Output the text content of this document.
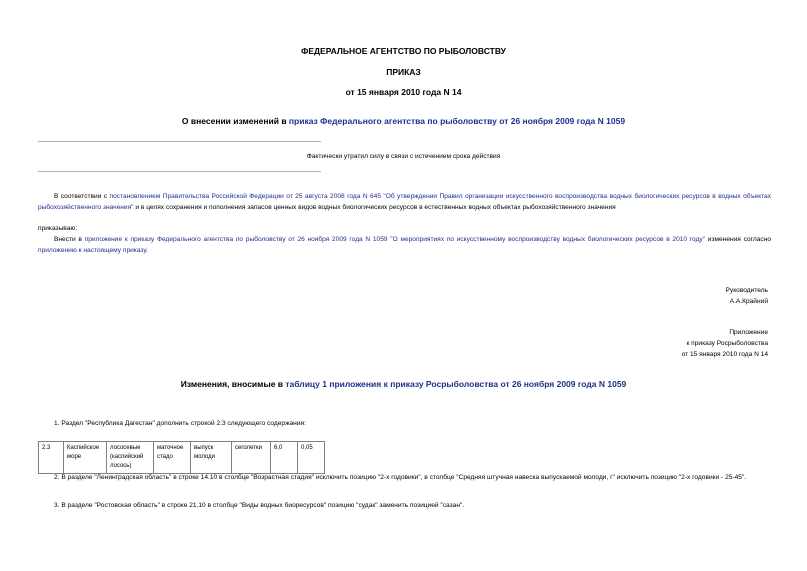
ФЕДЕРАЛЬНОЕ АГЕНТСТВО ПО РЫБОЛОВСТВУ
ПРИКАЗ
от 15 января 2010 года N 14
О внесении изменений в приказ Федерального агентства по рыболовству от 26 ноября 2009 года N 1059
Фактически утратил силу в связи с истечением срока действия
В соответствии с постановлением Правительства Российской Федерации от 25 августа 2008 года N 645 "Об утверждении Правил организации искусственного воспроизводства водных биологических ресурсов в водных объектах рыбохозяйственного значения" и в целях сохранения и пополнения запасов ценных видов водных биологических ресурсов в естественных водных объектах рыбохозяйственного значения
приказываю:
Внести в приложение к приказу Федерального агентства по рыболовству от 26 ноября 2009 года N 1059 "О мероприятиях по искусственному воспроизводству водных биологических ресурсов в 2010 году" изменения согласно приложению к настоящему приказу.
Руководитель
А.А.Крайний
Приложение
к приказу Росрыболовства
от 15 января 2010 года N 14
Изменения, вносимые в таблицу 1 приложения к приказу Росрыболовства от 26 ноября 2009 года N 1059
1. Раздел "Республика Дагестан" дополнить строкой 2.3 следующего содержания:
2.3	Каспийское море	лососевые (каспийский лосось)	маточное стадо	выпуск молоди	сеголетки	6,0	0,05
2. В разделе "Ленинградская область" в строке 14.10 в столбце "Возрастная стадия" исключить позицию "2-х годовики", в столбце "Средняя штучная навеска выпускаемой молоди, г" исключить позицию "2-х годовики - 25-45".
3. В разделе "Ростовская область" в строке 21.10 в столбце "Виды водных биоресурсов" позицию "судак" заменить позицией "сазан".
